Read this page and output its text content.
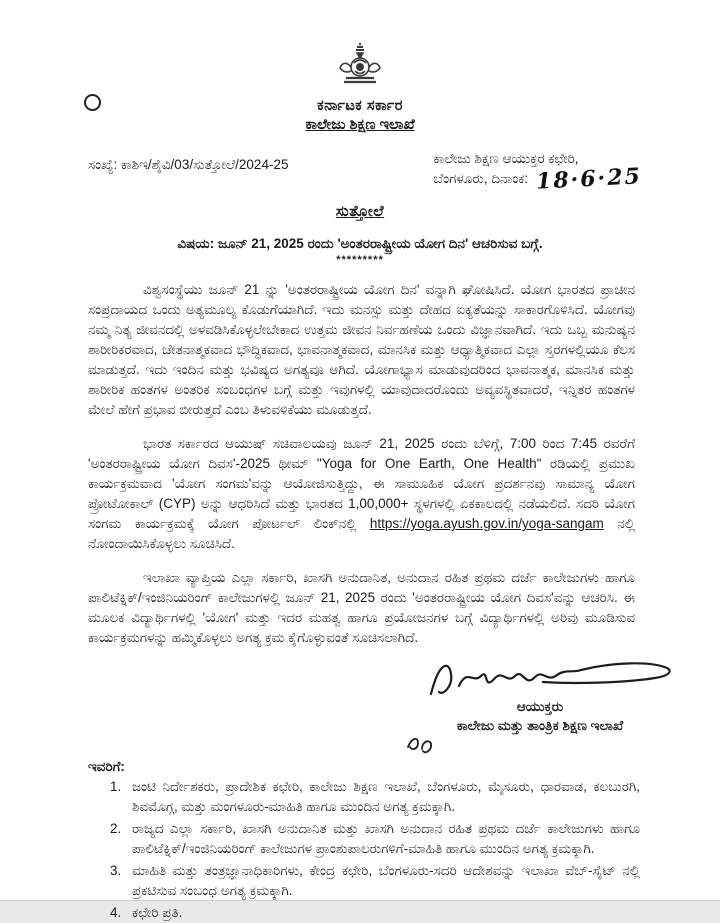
ಕರ್ನಾಟಕ ಸರ್ಕಾರ
ಕಾಲೇಜು ಶಿಕ್ಷಣ ಇಲಾಖೆ
ಸಂಖ್ಯೆ: ಕಾಶಿಇ/ಶೈವಿ/03/ಸುತ್ತೋಲೆ/2024-25	ಕಾಲೇಜು ಶಿಕ್ಷಣ ಆಯುಕ್ತರ ಕಛೇರಿ,
ಬೆಂಗಳೂರು, ದಿನಾಂಕ: 18·6·25
ಸುತ್ತೋಲೆ
ವಿಷಯ: ಜೂನ್ 21, 2025 ರಂದು 'ಅಂತರರಾಷ್ಟ್ರೀಯ ಯೋಗ ದಿನ' ಆಚರಿಸುವ ಬಗ್ಗೆ.
*********

ವಿಶ್ವಸಂಸ್ಥೆಯು ಜೂನ್ 21 ನ್ನು 'ಅಂತರರಾಷ್ಟ್ರೀಯ ಯೋಗ ದಿನ' ವನ್ನಾಗಿ ಘೋಷಿಸಿದೆ. ಯೋಗ ಭಾರತದ ಪ್ರಾಚೀನ ಸಂಪ್ರದಾಯದ ಒಂದು ಅತ್ಯಮೂಲ್ಯ ಕೊಡುಗೆಯಾಗಿದೆ. ಇದು ಮನಸ್ಸು ಮತ್ತು ದೇಹದ ಐಕ್ಯತೆಯನ್ನು ಸಾಕಾರಗೊಳಿಸಿದೆ. ಯೋಗವು ನಮ್ಮ ನಿತ್ಯ ಜೀವನದಲ್ಲಿ ಅಳವಡಿಸಿಕೊಳ್ಳಲೇಬೇಕಾದ ಉತ್ತಮ ಜೀವನ ನಿರ್ವಹಣೆಯ ಒಂದು ವಿಜ್ಞಾನವಾಗಿದೆ. ಇದು ಒಬ್ಬ ಮನುಷ್ಯನ ಶಾರೀರಿಕರವಾದ, ಚೇತನಾತ್ಮಕವಾದ ಭೌದ್ಧಿಕವಾದ, ಭಾವನಾತ್ಮಕವಾದ, ಮಾನಸಿಕ ಮತ್ತು ಆಧ್ಯಾತ್ಮಿಕವಾದ ಎಲ್ಲಾ ಸ್ತರಗಳಲ್ಲಿಯೂ ಕೆಲಸ ಮಾಡುತ್ತದೆ. ಇದು ಇಂದಿನ ಮತ್ತು ಭವಿಷ್ಯದ ಅಗತ್ಯವೂ ಆಗಿದೆ. ಯೋಗಾಭ್ಯಾಸ ಮಾಡುವುದರಿಂದ ಭಾವನಾತ್ಮಕ, ಮಾನಸಿಕ ಮತ್ತು ಶಾರೀರಿಕ ಹಂತಗಳ ಅಂತರಿಕ ಸಂಬಂಧಗಳ ಬಗ್ಗೆ ಮತ್ತು ಇವುಗಳಲ್ಲಿ ಯಾವುದಾದರೊಂದು ಅವ್ಯವಸ್ಥಿತವಾದರೆ, ಇನ್ನಿತರ ಹಂತಗಳ ಮೇಲೆ ಹೇಗೆ ಪ್ರಭಾವ ಬೀರುತ್ತದೆ ಎಂಬ ತಿಳುವಳಿಕೆಯು ಮೂಡುತ್ತದೆ.

ಭಾರತ ಸರ್ಕಾರದ ಆಯುಷ್ ಸಚಿವಾಲಯವು ಜೂನ್ 21, 2025 ರಂದು ಬೆಳಿಗ್ಗೆ, 7:00 ರಿಂದ 7:45 ರವರೆಗೆ 'ಅಂತರರಾಷ್ಟ್ರೀಯ ಯೋಗ ದಿವಸ'-2025 ಥೀಮ್ "Yoga for One Earth, One Health" ರಡಿಯಲ್ಲಿ ಪ್ರಮುಖ ಕಾರ್ಯಕ್ರಮವಾದ 'ಯೋಗ ಸಂಗಮ'ವನ್ನು ಆಯೋಜಿಸುತ್ತಿದ್ದು, ಈ ಸಾಮೂಹಿಕ ಯೋಗ ಪ್ರದರ್ಶನವು ಸಾಮಾನ್ಯ ಯೋಗ ಪ್ರೋಟೋಕಾಲ್ (CYP) ಅನ್ನು ಆಧರಿಸಿದೆ ಮತ್ತು ಭಾರತದ 1,00,000+ ಸ್ಥಳಗಳಲ್ಲಿ ಏಕಕಾಲದಲ್ಲಿ ನಡೆಯಲಿದೆ. ಸದರಿ ಯೋಗ ಸಂಗಮ ಕಾರ್ಯಕ್ರಮಕ್ಕೆ ಯೋಗ ಪೋರ್ಟಲ್ ಲಿಂಕ್‌ನಲ್ಲಿ https://yoga.ayush.gov.in/yoga-sangam ನಲ್ಲಿ ನೋಂದಾಯಿಸಿಕೊಳ್ಳಲು ಸೂಚಿಸಿದೆ.

ಇಲಾಖಾ ವ್ಯಾಪ್ತಿಯ ಎಲ್ಲಾ ಸರ್ಕಾರಿ, ಖಾಸಗಿ ಅನುದಾನಿತ, ಅನುದಾನ ರಹಿತ ಪ್ರಥಮ ದರ್ಜೆ ಕಾಲೇಜುಗಳು ಹಾಗೂ ಪಾಲಿಟೆಕ್ನಿಕ್/ಇಂಜಿನಿಯರಿಂಗ್ ಕಾಲೇಜುಗಳಲ್ಲಿ ಜೂನ್ 21, 2025 ರಂದು 'ಅಂತರರಾಷ್ಟ್ರೀಯ ಯೋಗ ದಿವಸ'ವನ್ನು ಆಚರಿಸಿ. ಈ ಮೂಲಕ ವಿದ್ಯಾರ್ಥಿಗಳಲ್ಲಿ 'ಯೋಗ' ಮತ್ತು ಇದರ ಮಹತ್ವ ಹಾಗೂ ಪ್ರಯೋಜನಗಳ ಬಗ್ಗೆ ವಿದ್ಯಾರ್ಥಿಗಳಲ್ಲಿ ಅರಿವು ಮೂಡಿಸುವ ಕಾರ್ಯಕ್ರಮಗಳನ್ನು ಹಮ್ಮಿಕೊಳ್ಳಲು ಅಗತ್ಯ ಕ್ರಮ ಕೈಗೊಳ್ಳುವಂತೆ ಸೂಚಿಸಲಾಗಿದೆ.

ಆಯುಕ್ತರು
ಕಾಲೇಜು ಮತ್ತು ತಾಂತ್ರಿಕ ಶಿಕ್ಷಣ ಇಲಾಖೆ
ಇವರಿಗೆ:
1. ಜಂಟಿ ನಿರ್ದೇಶಕರು, ಪ್ರಾದೇಶಿಕ ಕಛೇರಿ, ಕಾಲೇಜು ಶಿಕ್ಷಣ ಇಲಾಖೆ, ಬೆಂಗಳೂರು, ಮೈಸೂರು, ಧಾರವಾಡ, ಕಲಬುರಗಿ, ಶಿವಮೊಗ್ಗ, ಮತ್ತು ಮಂಗಳೂರು-ಮಾಹಿತಿ ಹಾಗೂ ಮುಂದಿನ ಅಗತ್ಯ ಕ್ರಮಕ್ಕಾಗಿ.
2. ರಾಜ್ಯದ ಎಲ್ಲಾ ಸರ್ಕಾರಿ, ಖಾಸಗಿ ಅನುದಾನಿತ ಮತ್ತು ಖಾಸಗಿ ಅನುದಾನ ರಹಿತ ಪ್ರಥಮ ದರ್ಜೆ ಕಾಲೇಜುಗಳು ಹಾಗೂ ಪಾಲಿಟೆಕ್ನಿಕ್/ಇಂಜಿನಿಯರಿಂಗ್ ಕಾಲೇಜುಗಳ ಪ್ರಾಂಶುಪಾಲರುಗಳಿಗೆ-ಮಾಹಿತಿ ಹಾಗೂ ಮುಂದಿನ ಅಗತ್ಯ ಕ್ರಮಕ್ಕಾಗಿ.
3. ಮಾಹಿತಿ ಮತ್ತು ತಂತ್ರಜ್ಞಾನಾಧಿಕಾರಿಗಳು, ಕೇಂದ್ರ ಕಛೇರಿ, ಬೆಂಗಳೂರು-ಸದರಿ ಆದೇಶವನ್ನು ಇಲಾಖಾ ವೆಬ್-ಸೈಟ್ ನಲ್ಲಿ ಪ್ರಕಟಿಸುವ ಸಂಬಂಧ ಅಗತ್ಯ ಕ್ರಮಕ್ಕಾಗಿ.
4. ಕಛೇರಿ ಪ್ರತಿ.
